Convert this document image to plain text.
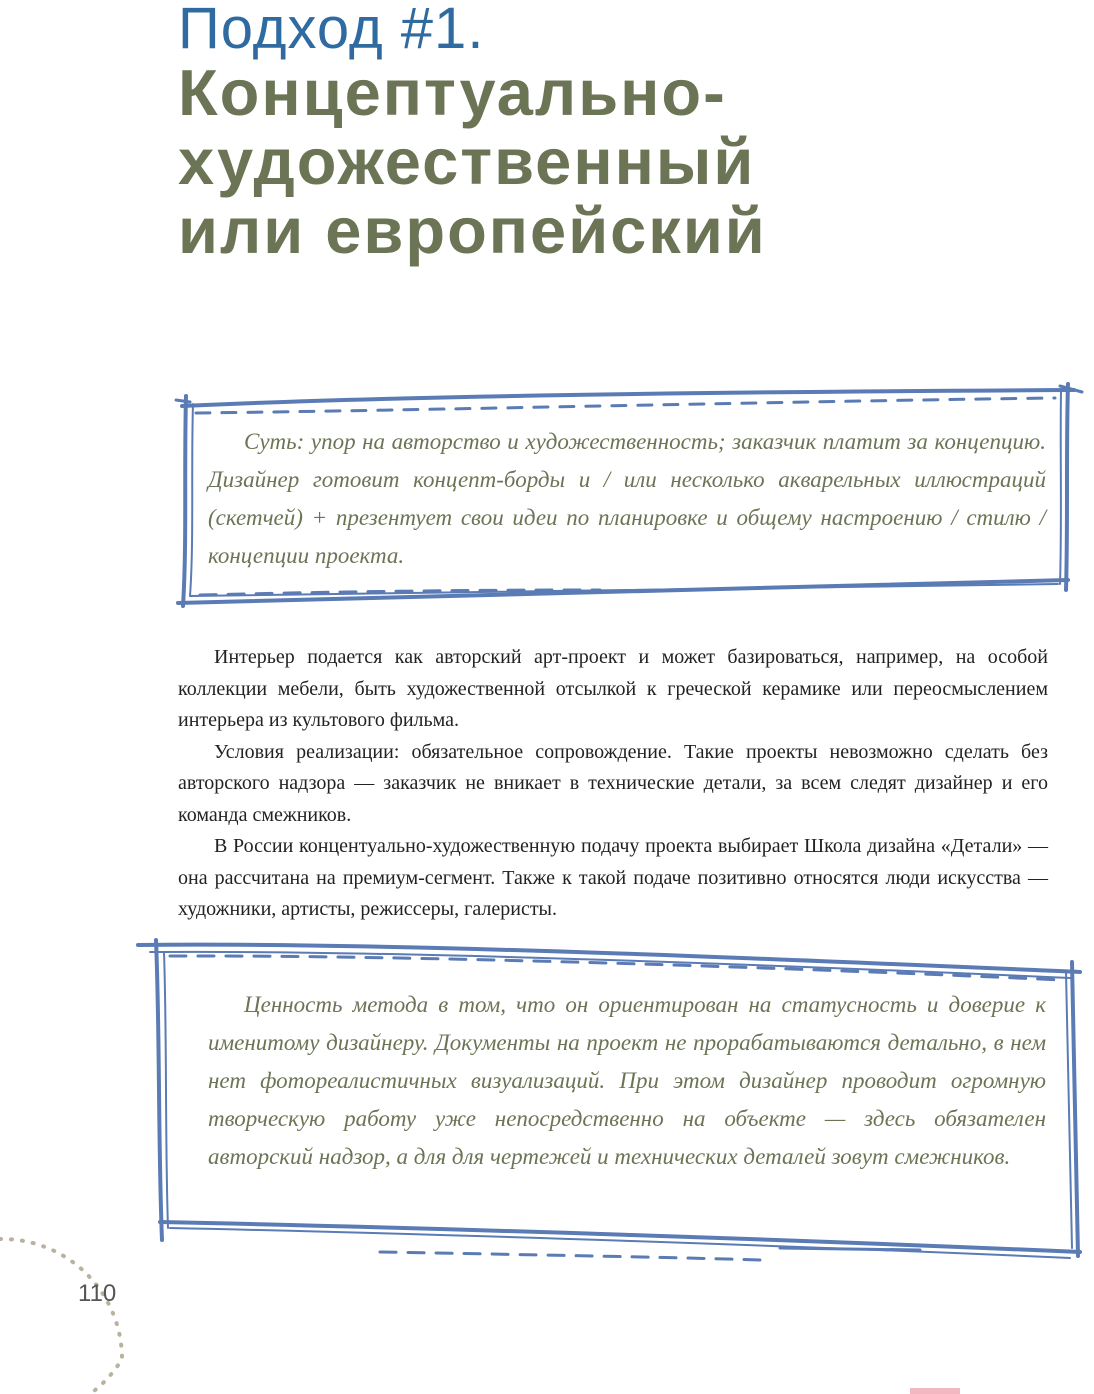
Подход #1.
Концептуально-
художественный
или европейский
Суть: упор на авторство и художественность; заказчик платит за концепцию. Дизайнер готовит концепт-борды и / или несколько акварельных иллюстраций (скетчей) + презентует свои идеи по планировке и общему настроению / стилю / концепции проекта.

Интерьер подается как авторский арт-проект и может базироваться, например, на особой коллекции мебели, быть художественной отсылкой к греческой керамике или переосмыслением интерьера из культового фильма.

Условия реализации: обязательное сопровождение. Такие проекты невозможно сделать без авторского надзора — заказчик не вникает в технические детали, за всем следят дизайнер и его команда смежников.

В России концентуально-художественную подачу проекта выбирает Школа дизайна «Детали» — она рассчитана на премиум-сегмент. Также к такой подаче позитивно относятся люди искусства — художники, артисты, режиссеры, галеристы.

Ценность метода в том, что он ориентирован на статусность и доверие к именитому дизайнеру. Документы на проект не прорабатываются детально, в нем нет фотореалистичных визуализаций. При этом дизайнер проводит огромную творческую работу уже непосредственно на объекте — здесь обязателен авторский надзор, а для для чертежей и технических деталей зовут смежников.
110
